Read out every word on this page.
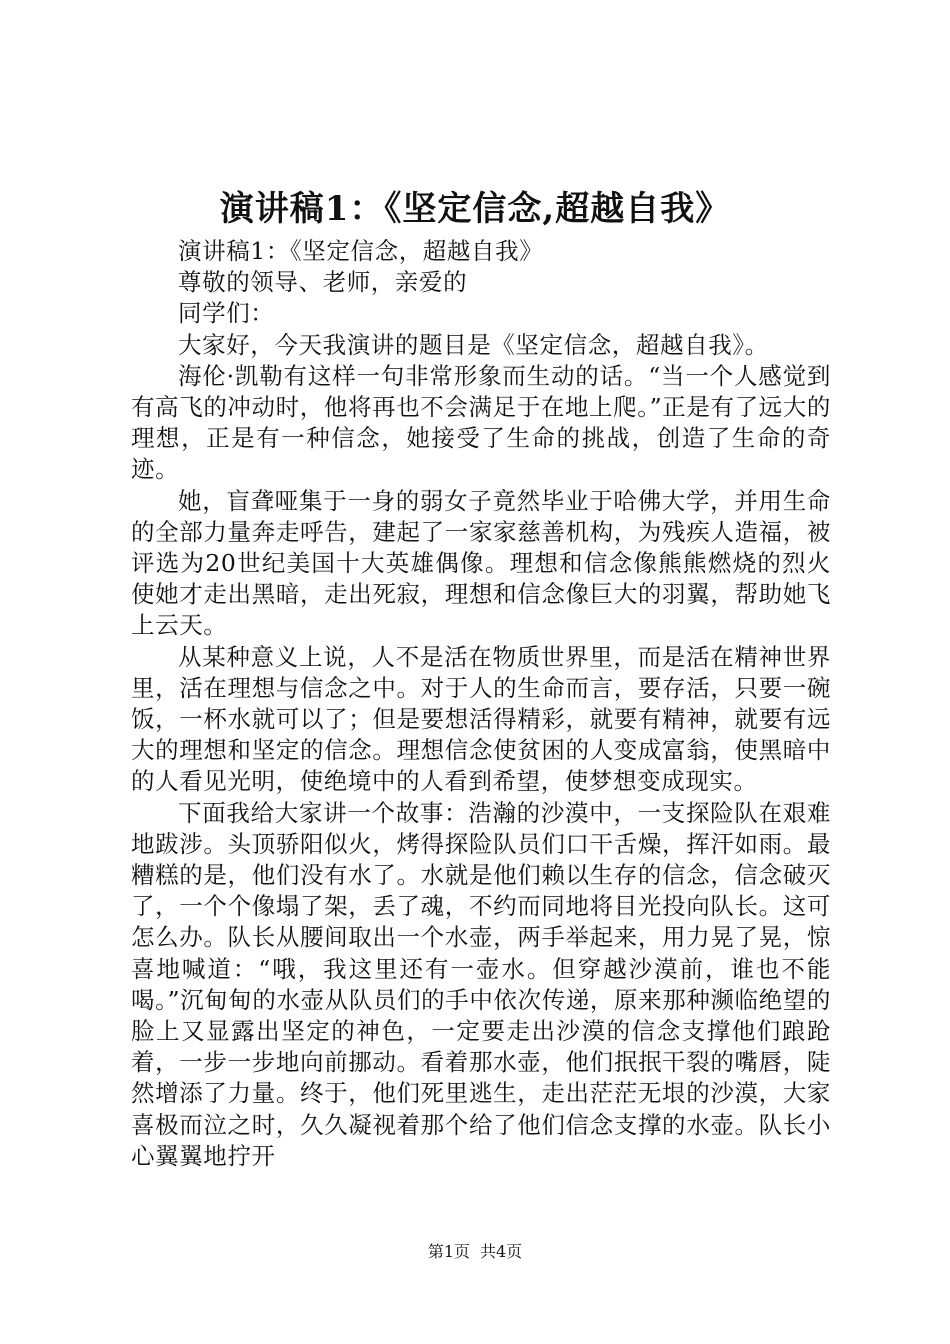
演讲稿1：《坚定信念,超越自我》

演讲稿1：《坚定信念，超越自我》

尊敬的领导、老师，亲爱的

同学们：

大家好，今天我演讲的题目是《坚定信念，超越自我》。

海伦·凯勒有这样一句非常形象而生动的话。“当一个人感觉到有高飞的冲动时，他将再也不会满足于在地上爬。”正是有了远大的理想，正是有一种信念，她接受了生命的挑战，创造了生命的奇迹。

她，盲聋哑集于一身的弱女子竟然毕业于哈佛大学，并用生命的全部力量奔走呼告，建起了一家家慈善机构，为残疾人造福，被评选为20世纪美国十大英雄偶像。理想和信念像熊熊燃烧的烈火使她才走出黑暗，走出死寂，理想和信念像巨大的羽翼，帮助她飞上云天。

从某种意义上说，人不是活在物质世界里，而是活在精神世界里，活在理想与信念之中。对于人的生命而言，要存活，只要一碗饭，一杯水就可以了；但是要想活得精彩，就要有精神，就要有远大的理想和坚定的信念。理想信念使贫困的人变成富翁，使黑暗中的人看见光明，使绝境中的人看到希望，使梦想变成现实。

下面我给大家讲一个故事：浩瀚的沙漠中，一支探险队在艰难地跋涉。头顶骄阳似火，烤得探险队员们口干舌燥，挥汗如雨。最糟糕的是，他们没有水了。水就是他们赖以生存的信念，信念破灭了，一个个像塌了架，丢了魂，不约而同地将目光投向队长。这可怎么办。队长从腰间取出一个水壶，两手举起来，用力晃了晃，惊喜地喊道：“哦，我这里还有一壶水。但穿越沙漠前，谁也不能喝。”沉甸甸的水壶从队员们的手中依次传递，原来那种濒临绝望的脸上又显露出坚定的神色，一定要走出沙漠的信念支撑他们踉跄着，一步一步地向前挪动。看着那水壶，他们抿抿干裂的嘴唇，陡然增添了力量。终于，他们死里逃生，走出茫茫无垠的沙漠，大家喜极而泣之时，久久凝视着那个给了他们信念支撑的水壶。队长小心翼翼地拧开

第1页 共4页
